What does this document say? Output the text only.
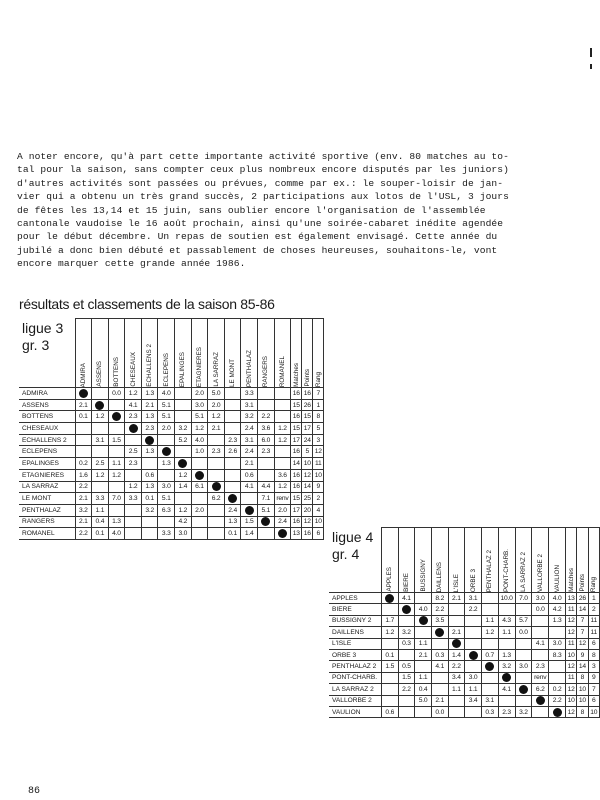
A noter encore, qu'à part cette importante activité sportive (env. 80 matches au to-
tal pour la saison, sans compter ceux plus nombreux encore disputés par les juniors)
d'autres activités sont passées ou prévues, comme par ex.: le souper-loisir de jan-
vier qui a obtenu un très grand succès, 2 participations aux lotos de l'USL, 3 jours
de fêtes les 13,14 et 15 juin, sans oublier encore l'organisation de l'assemblée
cantonale vaudoise le 16 août prochain, ainsi qu'une soirée-cabaret inédite agendée
pour le début décembre. Un repas de soutien est également envisagé. Cette année du
jubilé a donc bien débuté et passablement de choses heureuses, souhaitons-le, vont
encore marquer cette grande année 1986.
résultats et classements de la saison 85-86
ligue 3
gr. 3	ADMIRA	ASSENS	BOTTENS	CHESEAUX	ECHALLENS 2	ECLEPENS	EPALINGES	ETAGNIERES	LA SARRAZ	LE MONT	PENTHALAZ	RANGERS	ROMANEL	Matches	Points	Rang

ADMIRA			0.0	1.2	1.3	4.0		2.0	5.0		3.3			16	16	7
ASSENS	2.1			4.1	2.1	5.1		3.0	2.0		3.1			15	26	1
BOTTENS	0.1	1.2		2.3	1.3	5.1		5.1	1.2		3.2	2.2		16	15	8
CHESEAUX					2.3	2.0	3.2	1.2	2.1		2.4	3.6	1.2	15	17	5
ECHALLENS 2		3.1	1.5				5.2	4.0		2.3	3.1	6.0	1.2	17	24	3
ECLEPENS				2.5	1.3			1.0	2.3	2.6	2.4	2.3		16	5	12
EPALINGES	0.2	2.5	1.1	2.3		1.3					2.1			14	10	11
ETAGNIERES	1.6	1.2	1.2		0.6		1.2				0.6		3.6	16	12	10
LA SARRAZ	2.2			1.2	1.3	3.0	1.4	6.1			4.1	4.4	1.2	16	14	9
LE MONT	2.1	3.3	7.0	3.3	0.1	5.1			6.2			7.1	renv	15	25	2
PENTHALAZ	3.2	1.1			3.2	6.3	1.2	2.0		2.4		5.1	2.0	17	20	4
RANGERS	2.1	0.4	1.3				4.2			1.3	1.5		2.4	16	12	10
ROMANEL	2.2	0.1	4.0			3.3	3.0			0.1	1.4			13	16	6 ligue 4
gr. 4	APPLES	BIERE	BUSSIGNY	DAILLENS	L'ISLE	ORBE 3	PENTHALAZ 2	PONT-CHARB.	LA SARRAZ 2	VALLORBE 2	VAULION	Matches	Points	Rang

APPLES		4.1		8.2	2.1	3.1		10.0	7.0	3.0	4.0	13	26	1
BIERE			4.0	2.2		2.2				0.0	4.2	11	14	2
BUSSIGNY 2	1.7			3.5			1.1	4.3	5.7		1.3	12	7	11
DAILLENS	1.2	3.2			2.1		1.2	1.1	0.0			12	7	11
L'ISLE		0.3	1.1							4.1	3.0	11	12	6
ORBE 3	0.1		2.1	0.3	1.4		0.7	1.3			8.3	10	9	8
PENTHALAZ 2	1.5	0.5		4.1	2.2			3.2	3.0	2.3		12	14	3
PONT-CHARB.		1.5	1.1		3.4	3.0				renv		11	8	9
LA SARRAZ 2		2.2	0.4		1.1	1.1		4.1		6.2	0.2	12	10	7
VALLORBE 2			5.0	2.1		3.4	3.1				2.2	10	10	6
VAULION	0.6			0.0			0.3	2.3	3.2			12	8	10
86
